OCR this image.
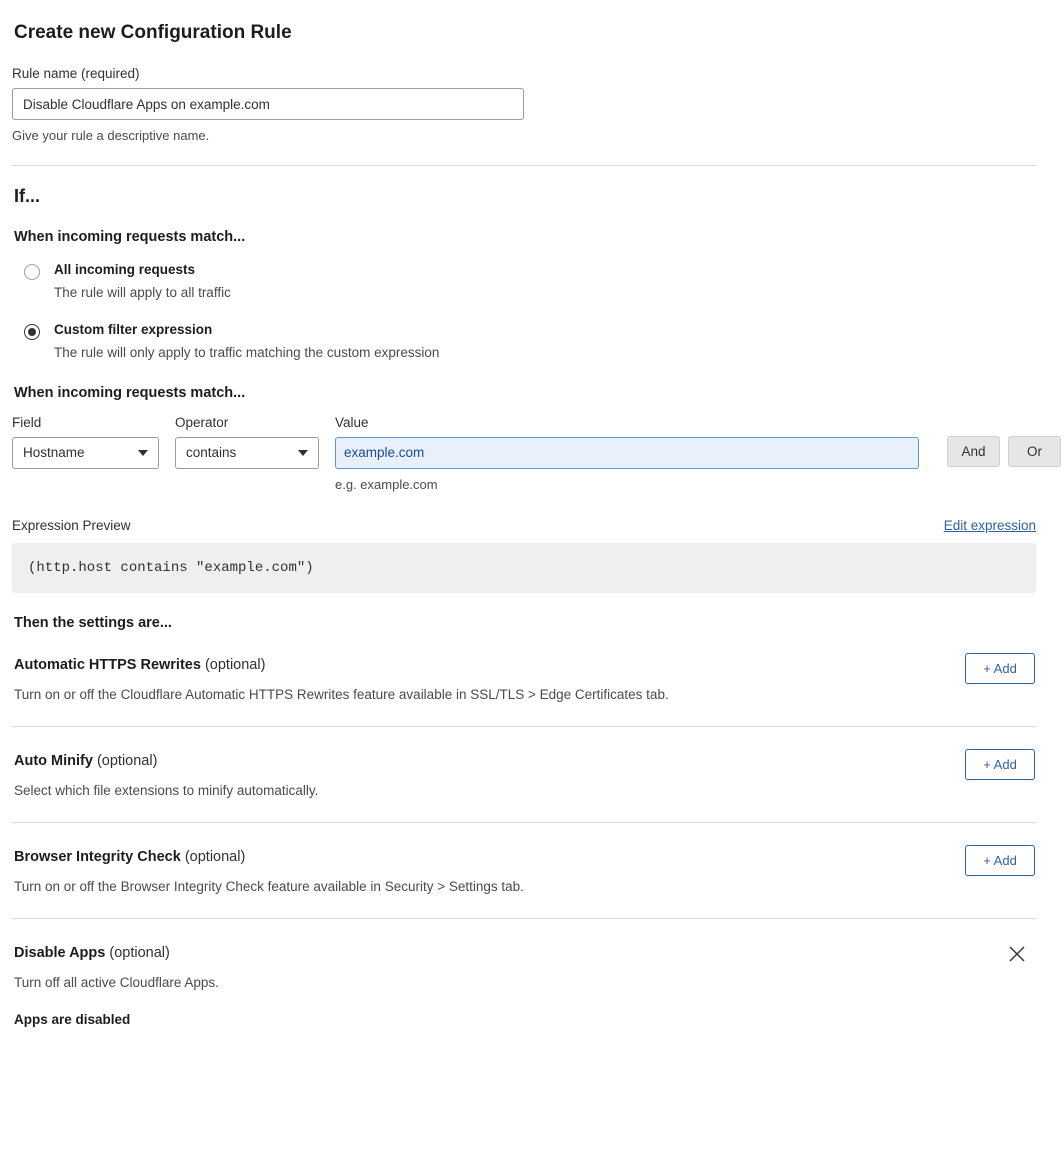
Create new Configuration Rule
Rule name (required)
Disable Cloudflare Apps on example.com
Give your rule a descriptive name.
If...
When incoming requests match...
All incoming requests
The rule will apply to all traffic
Custom filter expression
The rule will only apply to traffic matching the custom expression
When incoming requests match...
Field
Hostname
Operator
contains
Value
example.com
e.g. example.com
And	Or
Expression Preview	Edit expression
(http.host contains "example.com")
Then the settings are...
Automatic HTTPS Rewrites (optional)
Turn on or off the Cloudflare Automatic HTTPS Rewrites feature available in SSL/TLS > Edge Certificates tab.
+ Add
Auto Minify (optional)
Select which file extensions to minify automatically.
+ Add
Browser Integrity Check (optional)
Turn on or off the Browser Integrity Check feature available in Security > Settings tab.
+ Add
Disable Apps (optional)
Turn off all active Cloudflare Apps.
Apps are disabled
